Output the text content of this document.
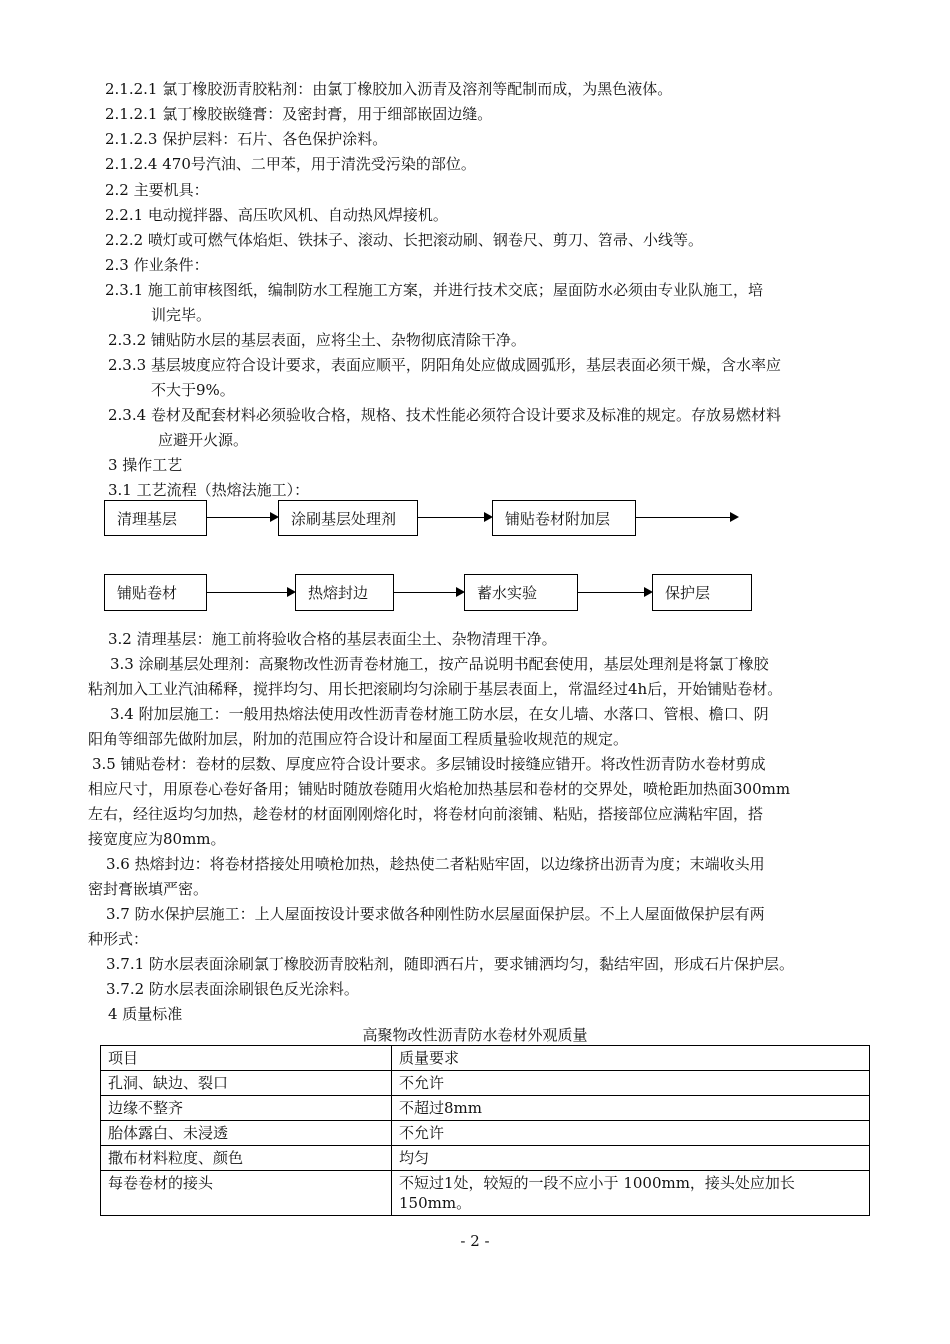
2.1.2.1 氯丁橡胶沥青胶粘剂：由氯丁橡胶加入沥青及溶剂等配制而成，为黑色液体。
2.1.2.1 氯丁橡胶嵌缝膏：及密封膏，用于细部嵌固边缝。
2.1.2.3 保护层料：石片、各色保护涂料。
2.1.2.4 470号汽油、二甲苯，用于清洗受污染的部位。
2.2 主要机具：
2.2.1 电动搅拌器、高压吹风机、自动热风焊接机。
2.2.2 喷灯或可燃气体焰炬、铁抹子、滚动、长把滚动刷、钢卷尺、剪刀、笤帚、小线等。
2.3 作业条件：
2.3.1 施工前审核图纸，编制防水工程施工方案，并进行技术交底；屋面防水必须由专业队施工，培
训完毕。
2.3.2 铺贴防水层的基层表面，应将尘土、杂物彻底清除干净。
2.3.3 基层坡度应符合设计要求，表面应顺平，阴阳角处应做成圆弧形，基层表面必须干燥，含水率应
不大于9%。
2.3.4 卷材及配套材料必须验收合格，规格、技术性能必须符合设计要求及标准的规定。存放易燃材料
应避开火源。
3 操作工艺
3.1 工艺流程（热熔法施工）：
清理基层	涂刷基层处理剂	铺贴卷材附加层
铺贴卷材	热熔封边	蓄水实验	保护层
3.2 清理基层：施工前将验收合格的基层表面尘土、杂物清理干净。
3.3 涂刷基层处理剂：高聚物改性沥青卷材施工，按产品说明书配套使用，基层处理剂是将氯丁橡胶
粘剂加入工业汽油稀释，搅拌均匀、用长把滚刷均匀涂刷于基层表面上，常温经过4h后，开始铺贴卷材。
3.4 附加层施工：一般用热熔法使用改性沥青卷材施工防水层，在女儿墙、水落口、管根、檐口、阴
阳角等细部先做附加层，附加的范围应符合设计和屋面工程质量验收规范的规定。
3.5 铺贴卷材：卷材的层数、厚度应符合设计要求。多层铺设时接缝应错开。将改性沥青防水卷材剪成
相应尺寸，用原卷心卷好备用；铺贴时随放卷随用火焰枪加热基层和卷材的交界处，喷枪距加热面300mm
左右，经往返均匀加热，趁卷材的材面刚刚熔化时，将卷材向前滚铺、粘贴，搭接部位应满粘牢固，搭
接宽度应为80mm。
3.6 热熔封边：将卷材搭接处用喷枪加热，趁热使二者粘贴牢固，以边缘挤出沥青为度；末端收头用
密封膏嵌填严密。
3.7 防水保护层施工：上人屋面按设计要求做各种刚性防水层屋面保护层。不上人屋面做保护层有两
种形式：
3.7.1 防水层表面涂刷氯丁橡胶沥青胶粘剂，随即洒石片，要求铺洒均匀，黏结牢固，形成石片保护层。
3.7.2 防水层表面涂刷银色反光涂料。
4 质量标准
高聚物改性沥青防水卷材外观质量
项目	质量要求
孔洞、缺边、裂口	不允许
边缘不整齐	不超过8mm
胎体露白、未浸透	不允许
撒布材料粒度、颜色	均匀
每卷卷材的接头	不短过1处，较短的一段不应小于 1000mm，接头处应加长
150mm。
- 2 -
